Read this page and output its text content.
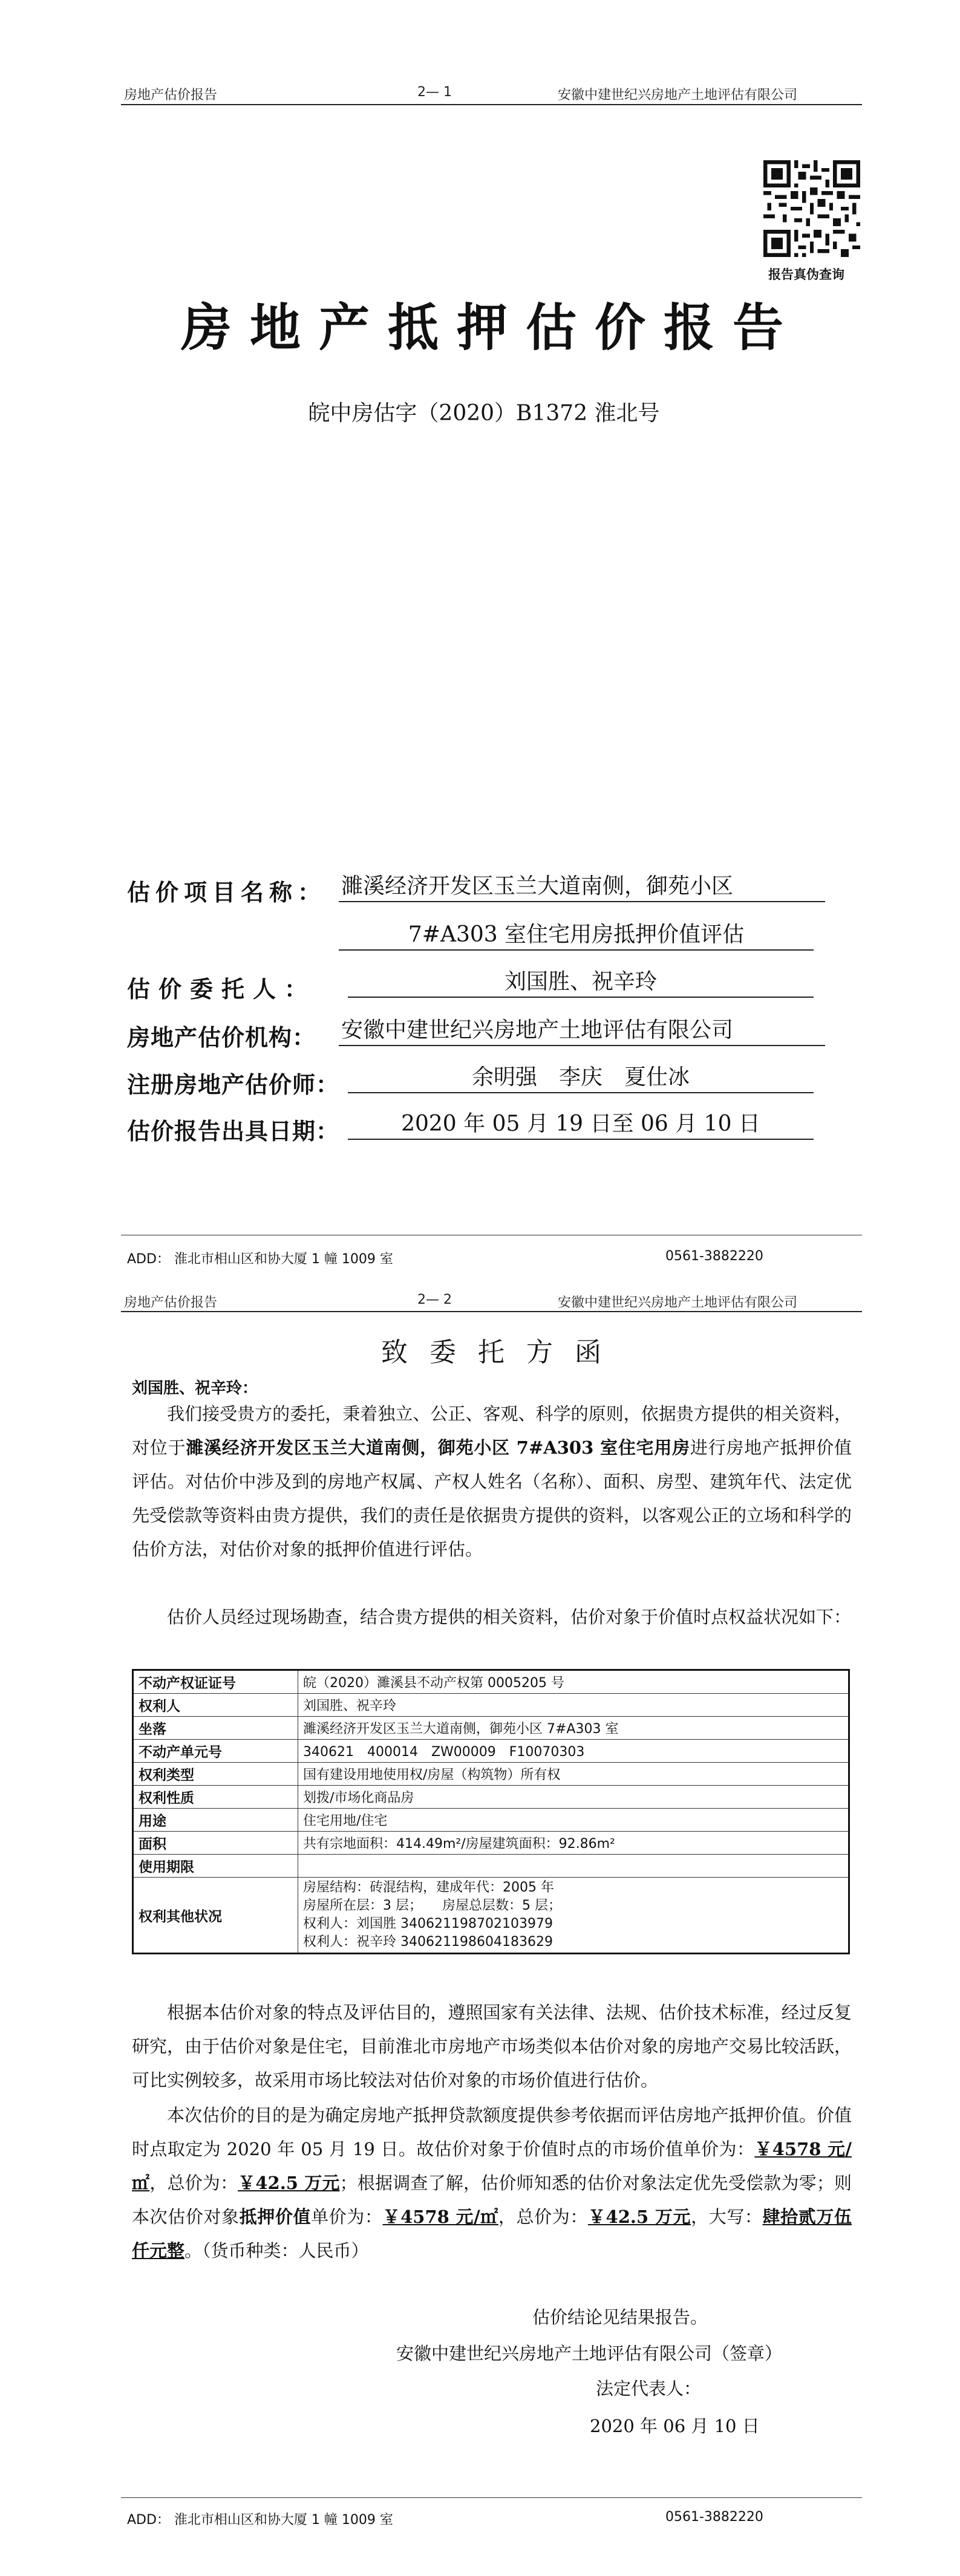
房地产估价报告	2— 1	安徽中建世纪兴房地产土地评估有限公司
报告真伪查询
房地产抵押估价报告
皖中房估字（2020）B1372 淮北号
估价项目名称： 濉溪经济开发区玉兰大道南侧，御苑小区
7#A303 室住宅用房抵押价值评估
估价委托人：	刘国胜、祝辛玲
房地产估价机构： 安徽中建世纪兴房地产土地评估有限公司
注册房地产估价师：	余明强　李庆　夏仕冰
估价报告出具日期：	2020 年 05 月 19 日至 06 月 10 日
ADD： 淮北市相山区和协大厦 1 幢 1009 室	0561-3882220
房地产估价报告	2— 2	安徽中建世纪兴房地产土地评估有限公司
致委托方函
刘国胜、祝辛玲：
我们接受贵方的委托，秉着独立、公正、客观、科学的原则，依据贵方提供的相关资料，对位于濉溪经济开发区玉兰大道南侧，御苑小区 7#A303 室住宅用房进行房地产抵押价值评估。对估价中涉及到的房地产权属、产权人姓名（名称）、面积、房型、建筑年代、法定优先受偿款等资料由贵方提供，我们的责任是依据贵方提供的资料，以客观公正的立场和科学的估价方法，对估价对象的抵押价值进行评估。
估价人员经过现场勘查，结合贵方提供的相关资料，估价对象于价值时点权益状况如下：
不动产权证证号	皖（2020）濉溪县不动产权第 0005205 号
权利人	刘国胜、祝辛玲
坐落	濉溪经济开发区玉兰大道南侧，御苑小区 7#A303 室
不动产单元号	340621　400014　ZW00009　F10070303
权利类型	国有建设用地使用权/房屋（构筑物）所有权
权利性质	划拨/市场化商品房
用途	住宅用地/住宅
面积	共有宗地面积：414.49m²/房屋建筑面积：92.86m²
使用期限	
权利其他状况	房屋结构：砖混结构，建成年代：2005 年
房屋所在层：3 层；　　房屋总层数：5 层；
权利人：刘国胜 340621198702103979
权利人：祝辛玲 340621198604183629
根据本估价对象的特点及评估目的，遵照国家有关法律、法规、估价技术标准，经过反复研究，由于估价对象是住宅，目前淮北市房地产市场类似本估价对象的房地产交易比较活跃，可比实例较多，故采用市场比较法对估价对象的市场价值进行估价。
本次估价的目的是为确定房地产抵押贷款额度提供参考依据而评估房地产抵押价值。价值时点取定为 2020 年 05 月 19 日。故估价对象于价值时点的市场价值单价为：￥4578 元/㎡，总价为：￥42.5 万元；根据调查了解，估价师知悉的估价对象法定优先受偿款为零；则本次估价对象抵押价值单价为：￥4578 元/㎡，总价为：￥42.5 万元，大写：肆拾贰万伍仟元整。（货币种类：人民币）
估价结论见结果报告。
安徽中建世纪兴房地产土地评估有限公司（签章）
法定代表人：
2020 年 06 月 10 日
ADD： 淮北市相山区和协大厦 1 幢 1009 室	0561-3882220
